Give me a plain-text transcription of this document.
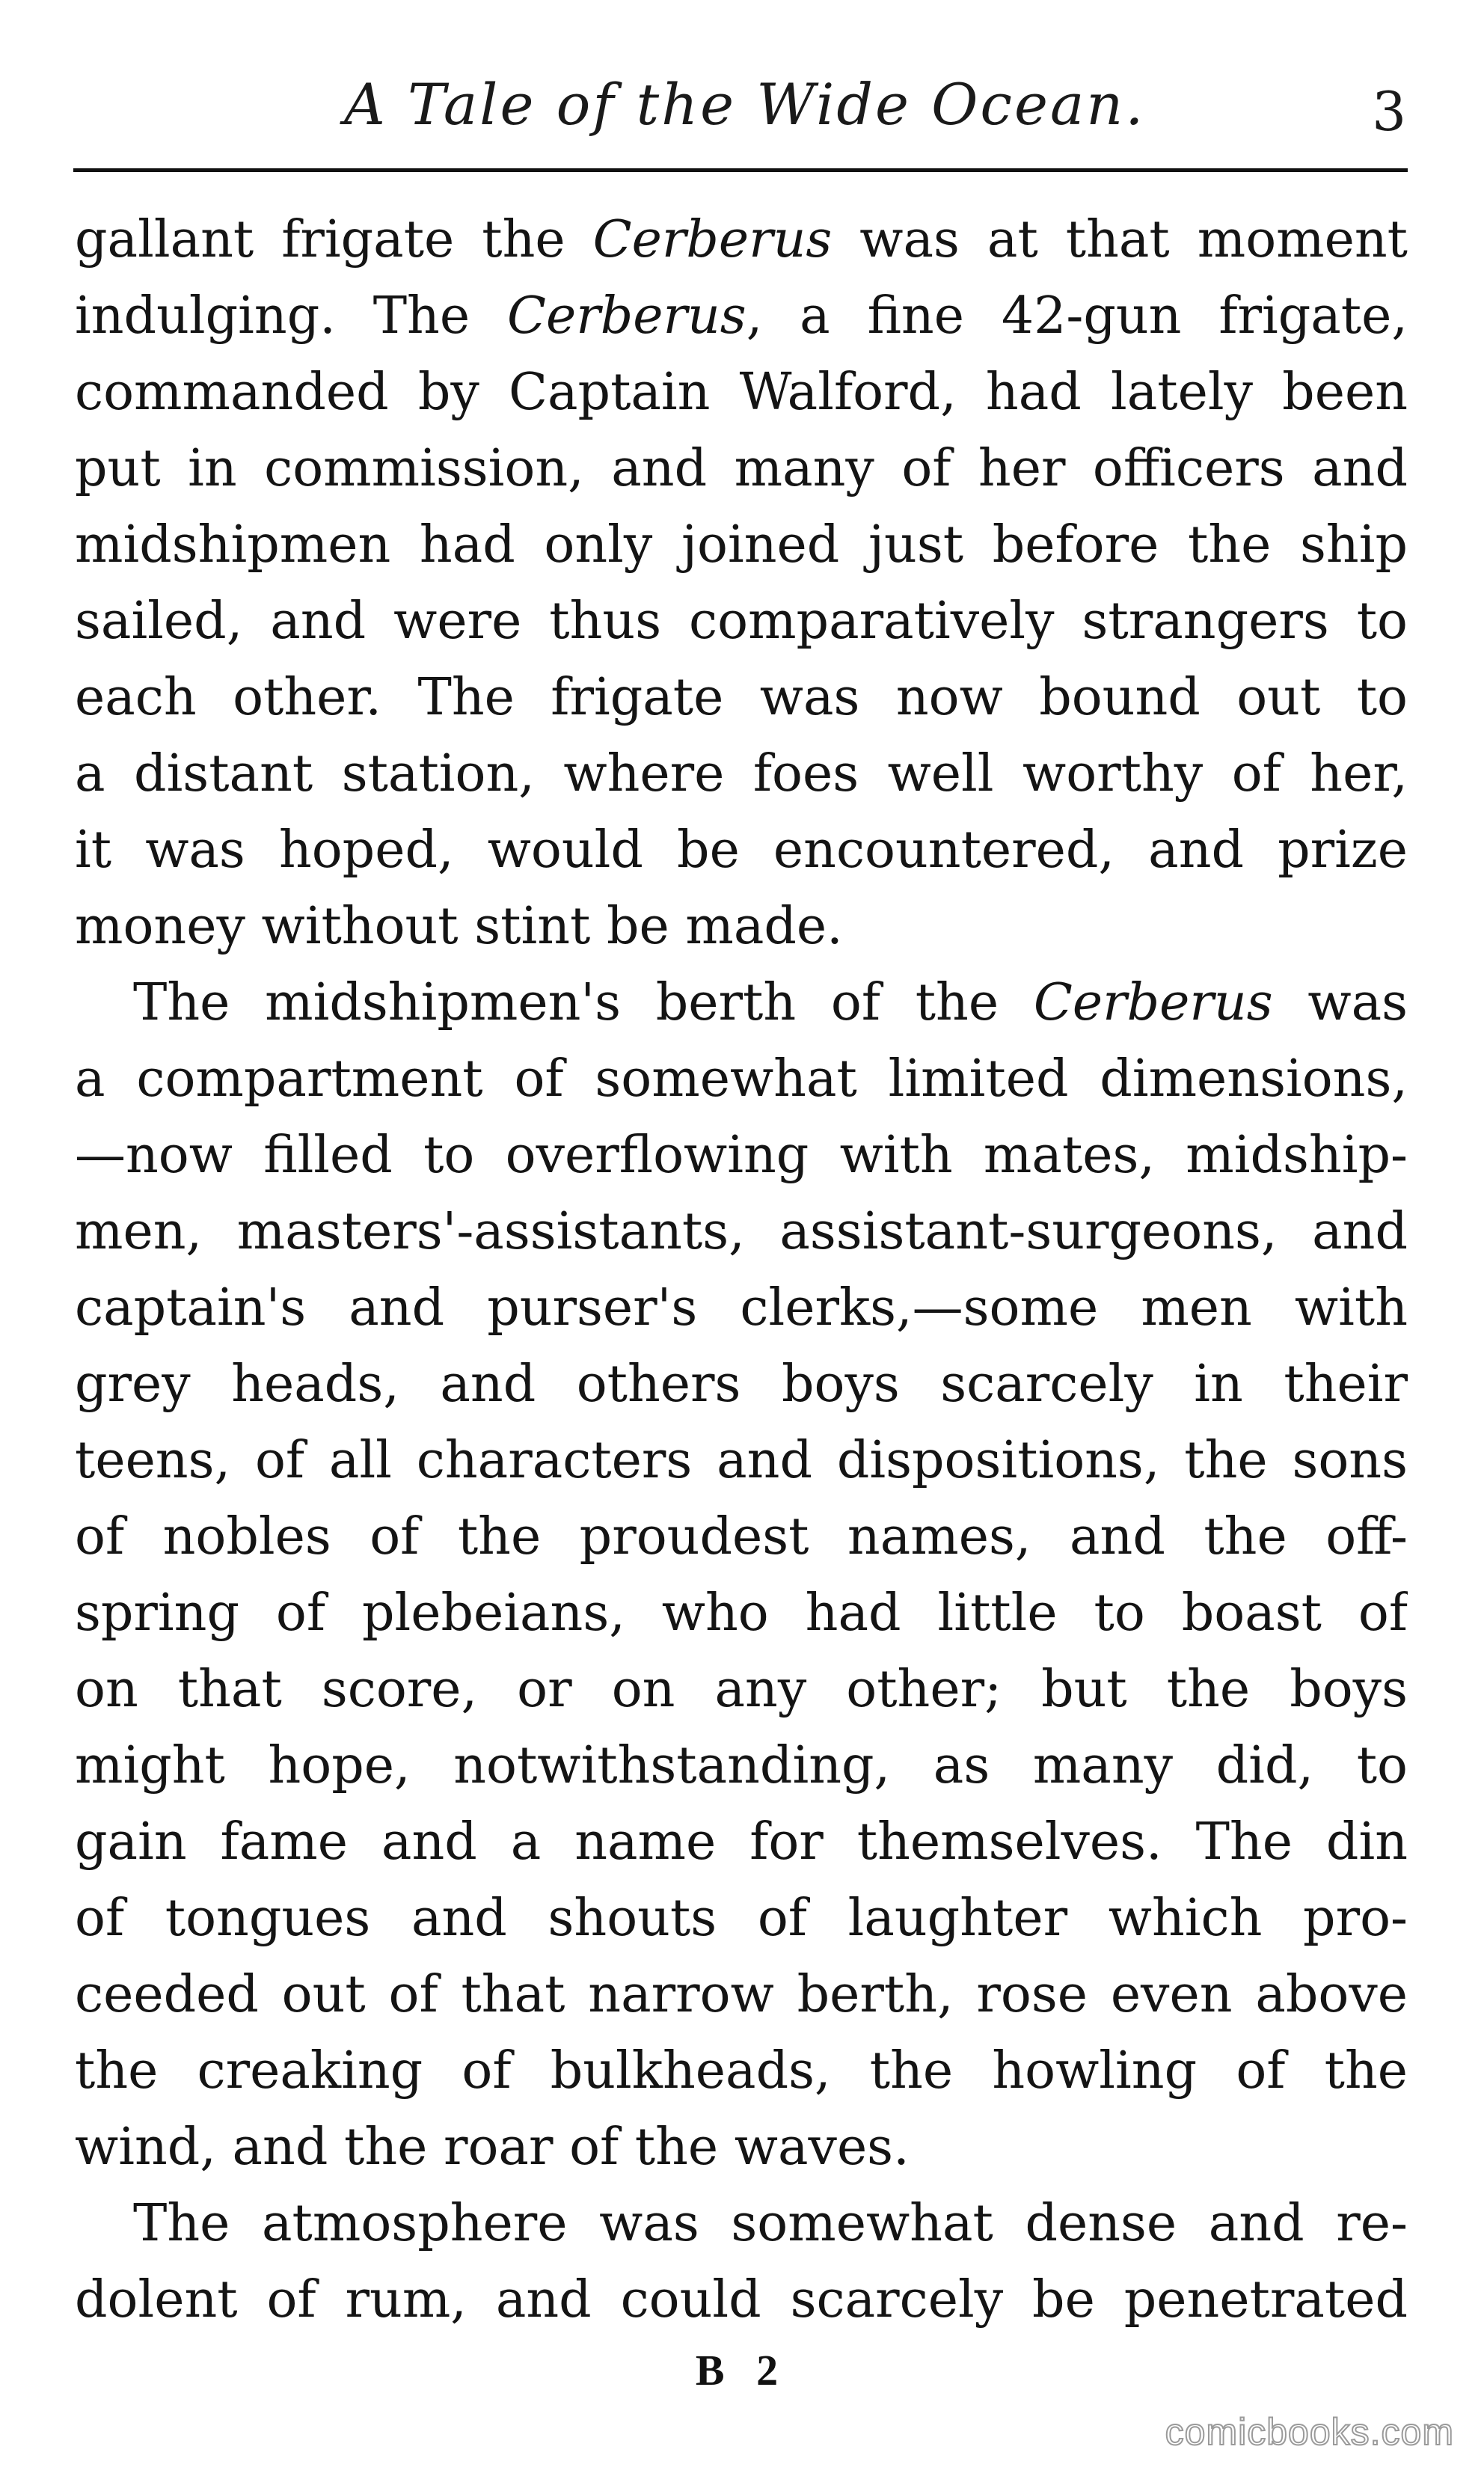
A Tale of the Wide Ocean.	3
gallant frigate the Cerberus was at that moment
indulging. The Cerberus, a fine 42-gun frigate,
commanded by Captain Walford, had lately been
put in commission, and many of her officers and
midshipmen had only joined just before the ship
sailed, and were thus comparatively strangers to
each other. The frigate was now bound out to
a distant station, where foes well worthy of her,
it was hoped, would be encountered, and prize
money without stint be made.
The midshipmen's berth of the Cerberus was
a compartment of somewhat limited dimensions,
—now filled to overflowing with mates, midship-
men, masters'-assistants, assistant-surgeons, and
captain's and purser's clerks,—some men with
grey heads, and others boys scarcely in their
teens, of all characters and dispositions, the sons
of nobles of the proudest names, and the off-
spring of plebeians, who had little to boast of
on that score, or on any other; but the boys
might hope, notwithstanding, as many did, to
gain fame and a name for themselves. The din
of tongues and shouts of laughter which pro-
ceeded out of that narrow berth, rose even above
the creaking of bulkheads, the howling of the
wind, and the roar of the waves.
The atmosphere was somewhat dense and re-
dolent of rum, and could scarcely be penetrated
B 2
comicbooks.com
